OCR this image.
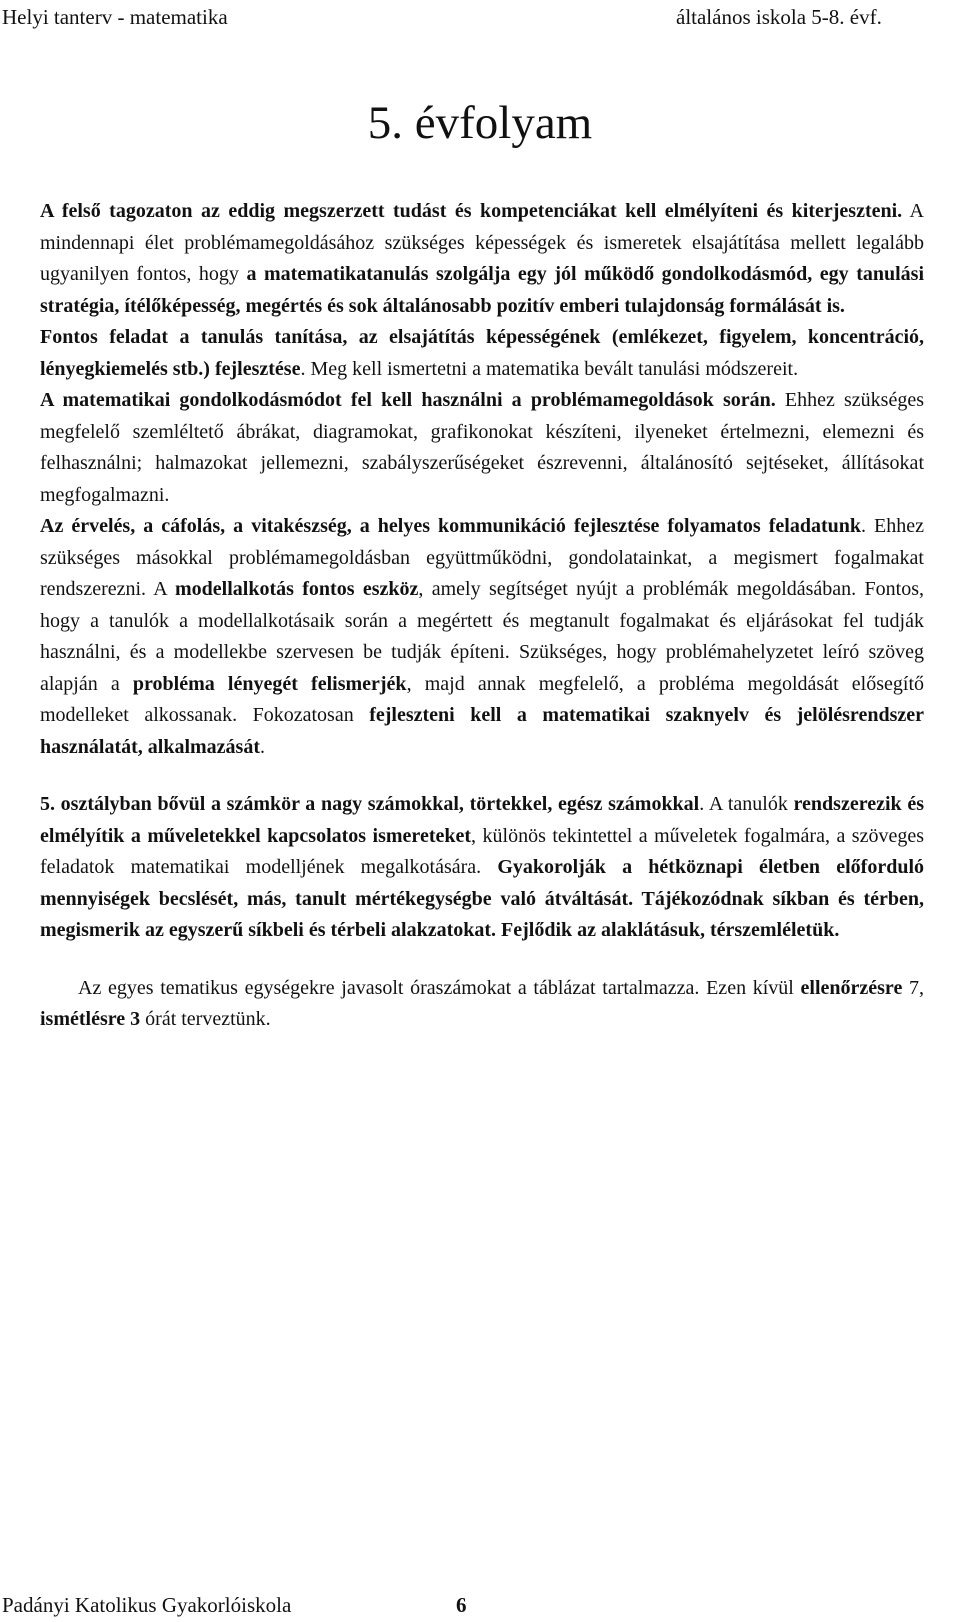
Helyi tanterv - matematika	általános iskola 5-8. évf.
5. évfolyam

A felső tagozaton az eddig megszerzett tudást és kompetenciákat kell elmélyíteni és kiterjeszteni. A mindennapi élet problémamegoldásához szükséges képességek és ismeretek elsajátítása mellett legalább ugyanilyen fontos, hogy a matematikatanulás szolgálja egy jól működő gondolkodásmód, egy tanulási stratégia, ítélőképesség, megértés és sok általánosabb pozitív emberi tulajdonság formálását is.

Fontos feladat a tanulás tanítása, az elsajátítás képességének (emlékezet, figyelem, koncentráció, lényegkiemelés stb.) fejlesztése. Meg kell ismertetni a matematika bevált tanulási módszereit.

A matematikai gondolkodásmódot fel kell használni a problémamegoldások során. Ehhez szükséges megfelelő szemléltető ábrákat, diagramokat, grafikonokat készíteni, ilyeneket értelmezni, elemezni és felhasználni; halmazokat jellemezni, szabályszerűségeket észrevenni, általánosító sejtéseket, állításokat megfogalmazni.

Az érvelés, a cáfolás, a vitakészség, a helyes kommunikáció fejlesztése folyamatos feladatunk. Ehhez szükséges másokkal problémamegoldásban együttműködni, gondolatainkat, a megismert fogalmakat rendszerezni. A modellalkotás fontos eszköz, amely segítséget nyújt a problémák megoldásában. Fontos, hogy a tanulók a modellalkotásaik során a megértett és megtanult fogalmakat és eljárásokat fel tudják használni, és a modellekbe szervesen be tudják építeni. Szükséges, hogy problémahelyzetet leíró szöveg alapján a probléma lényegét felismerjék, majd annak megfelelő, a probléma megoldását elősegítő modelleket alkossanak. Fokozatosan fejleszteni kell a matematikai szaknyelv és jelölésrendszer használatát, alkalmazását.

5. osztályban bővül a számkör a nagy számokkal, törtekkel, egész számokkal. A tanulók rendszerezik és elmélyítik a műveletekkel kapcsolatos ismereteket, különös tekintettel a műveletek fogalmára, a szöveges feladatok matematikai modelljének megalkotására. Gyakorolják a hétköznapi életben előforduló mennyiségek becslését, más, tanult mértékegységbe való átváltását. Tájékozódnak síkban és térben, megismerik az egyszerű síkbeli és térbeli alakzatokat. Fejlődik az alaklátásuk, térszemléletük.

Az egyes tematikus egységekre javasolt óraszámokat a táblázat tartalmazza. Ezen kívül ellenőrzésre 7, ismétlésre 3 órát terveztünk.

Padányi Katolikus Gyakorlóiskola	6
